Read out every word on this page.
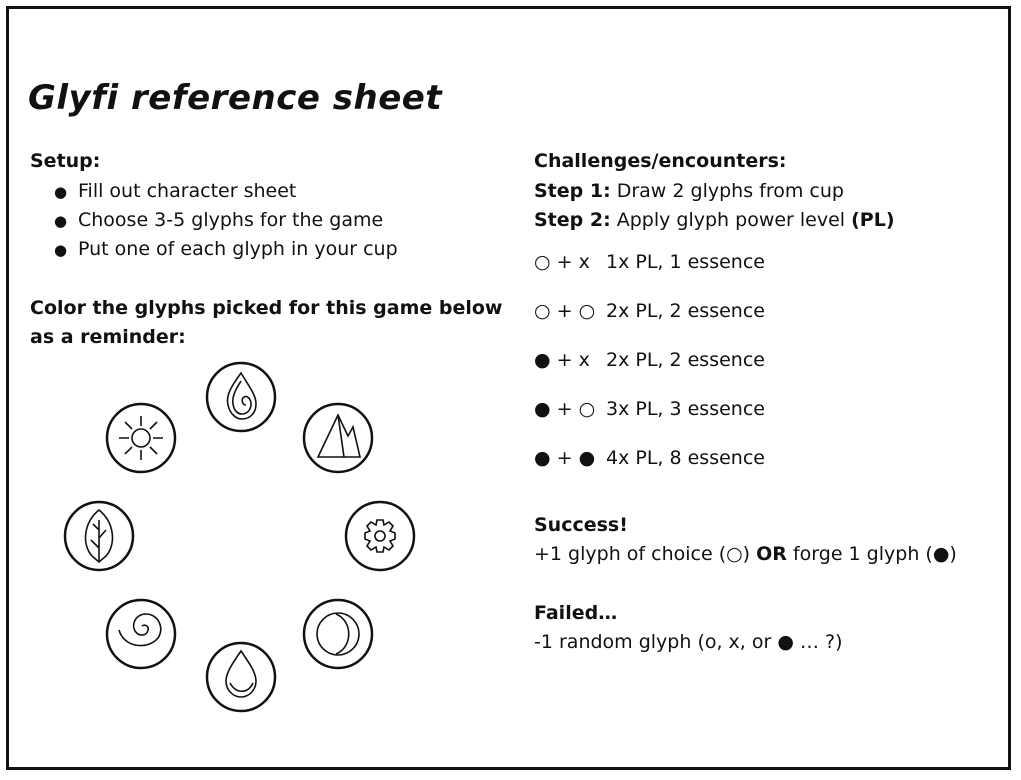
Glyfi reference sheet
Setup:
● Fill out character sheet
● Choose 3-5 glyphs for the game
● Put one of each glyph in your cup
Color the glyphs picked for this game below
as a reminder:
Challenges/encounters:
Step 1: Draw 2 glyphs from cup
Step 2: Apply glyph power level (PL)
○ + x 1x PL, 1 essence
○ + ○ 2x PL, 2 essence
● + x 2x PL, 2 essence
● + ○ 3x PL, 3 essence
● + ● 4x PL, 8 essence
Success!
+1 glyph of choice (○) OR forge 1 glyph (●)
Failed…
-1 random glyph (o, x, or ● … ?)
